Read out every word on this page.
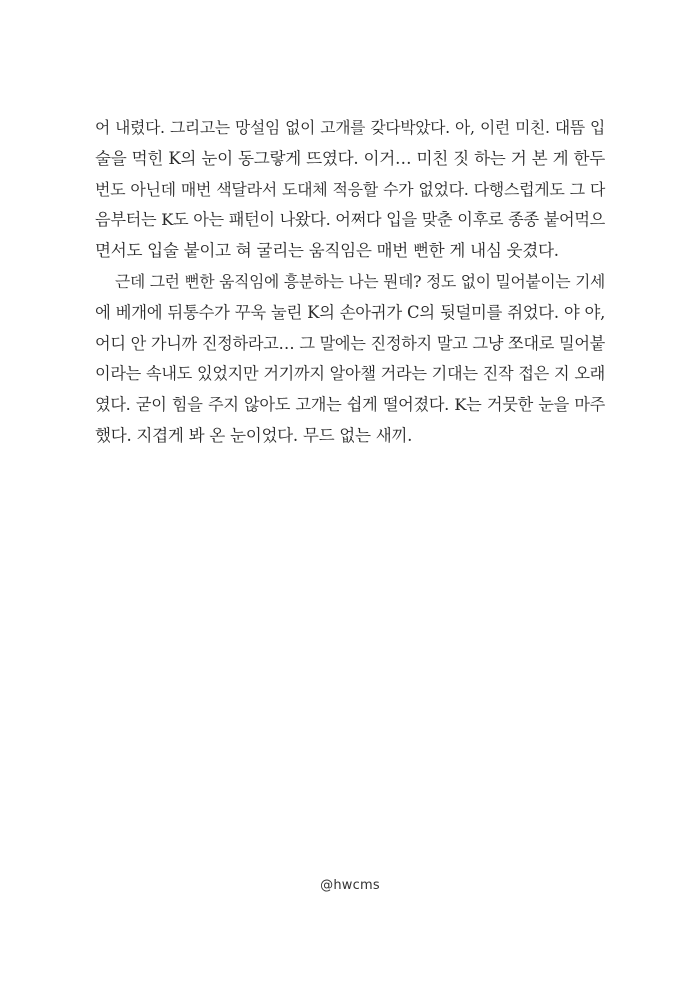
어 내렸다. 그리고는 망설임 없이 고개를 갖다박았다. 아, 이런 미친. 대뜸 입
술을 먹힌 K의 눈이 동그랗게 뜨였다. 이거… 미친 짓 하는 거 본 게 한두
번도 아닌데 매번 색달라서 도대체 적응할 수가 없었다. 다행스럽게도 그 다
음부터는 K도 아는 패턴이 나왔다. 어쩌다 입을 맞춘 이후로 종종 붙어먹으
면서도 입술 붙이고 혀 굴리는 움직임은 매번 뻔한 게 내심 웃겼다.
근데 그런 뻔한 움직임에 흥분하는 나는 뭔데? 정도 없이 밀어붙이는 기세
에 베개에 뒤통수가 꾸욱 눌린 K의 손아귀가 C의 뒷덜미를 쥐었다. 야 야,
어디 안 가니까 진정하라고… 그 말에는 진정하지 말고 그냥 쪼대로 밀어붙
이라는 속내도 있었지만 거기까지 알아챌 거라는 기대는 진작 접은 지 오래
였다. 굳이 힘을 주지 않아도 고개는 쉽게 떨어졌다. K는 거뭇한 눈을 마주
했다. 지겹게 봐 온 눈이었다. 무드 없는 새끼.
@hwcms
